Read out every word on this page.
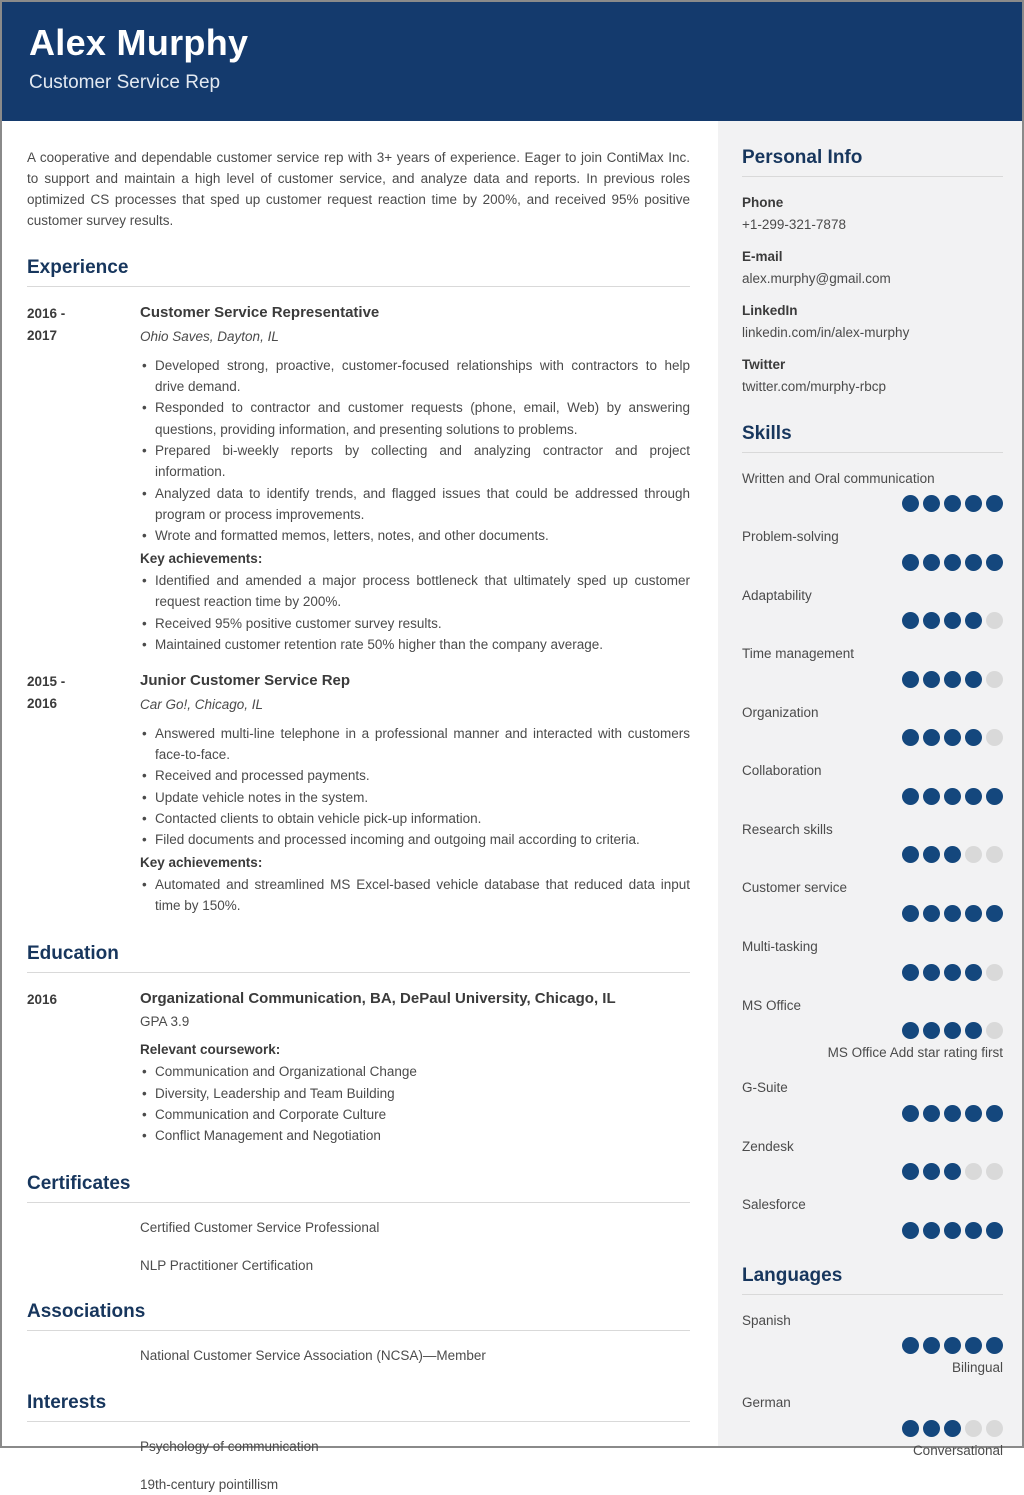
Alex Murphy
Customer Service Rep
A cooperative and dependable customer service rep with 3+ years of experience. Eager to join ContiMax Inc. to support and maintain a high level of customer service, and analyze data and reports. In previous roles optimized CS processes that sped up customer request reaction time by 200%, and received 95% positive customer survey results.
Experience
2016 -
2017
Customer Service Representative
Ohio Saves, Dayton, IL
• Developed strong, proactive, customer-focused relationships with contractors to help drive demand.
• Responded to contractor and customer requests (phone, email, Web) by answering questions, providing information, and presenting solutions to problems.
• Prepared bi-weekly reports by collecting and analyzing contractor and project information.
• Analyzed data to identify trends, and flagged issues that could be addressed through program or process improvements.
• Wrote and formatted memos, letters, notes, and other documents.
Key achievements:
• Identified and amended a major process bottleneck that ultimately sped up customer request reaction time by 200%.
• Received 95% positive customer survey results.
• Maintained customer retention rate 50% higher than the company average.
2015 -
2016
Junior Customer Service Rep
Car Go!, Chicago, IL
• Answered multi-line telephone in a professional manner and interacted with customers face-to-face.
• Received and processed payments.
• Update vehicle notes in the system.
• Contacted clients to obtain vehicle pick-up information.
• Filed documents and processed incoming and outgoing mail according to criteria.
Key achievements:
• Automated and streamlined MS Excel-based vehicle database that reduced data input time by 150%.
Education
2016	Organizational Communication, BA, DePaul University, Chicago, IL
GPA 3.9
Relevant coursework:
• Communication and Organizational Change
• Diversity, Leadership and Team Building
• Communication and Corporate Culture
• Conflict Management and Negotiation
Certificates
Certified Customer Service Professional
NLP Practitioner Certification
Associations
National Customer Service Association (NCSA)—Member
Interests
Psychology of communication
19th-century pointillism
Personal Info
Phone
+1-299-321-7878
E-mail
alex.murphy@gmail.com
LinkedIn
linkedin.com/in/alex-murphy
Twitter
twitter.com/murphy-rbcp
Skills
Written and Oral communication
Problem-solving
Adaptability
Time management
Organization
Collaboration
Research skills
Customer service
Multi-tasking
MS Office
MS Office Add star rating first
G-Suite
Zendesk
Salesforce
Languages
Spanish
Bilingual
German
Conversational
